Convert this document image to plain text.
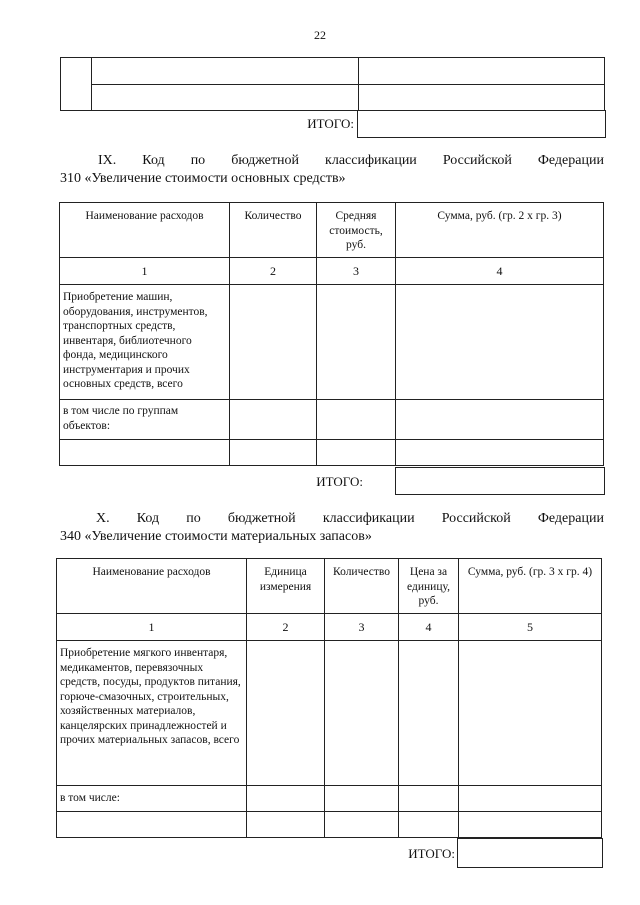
22

ИТОГО:
IX. Код по бюджетной классификации Российской Федерации
310 «Увеличение стоимости основных средств»
Наименование расходов	Количество	Средняя стоимость, руб.	Сумма, руб. (гр. 2 х гр. 3)
1	2	3	4
Приобретение машин, оборудования, инструментов, транспортных средств, инвентаря, библиотечного фонда, медицинского инструментария и прочих основных средств, всего			
в том числе по группам объектов:			

ИТОГО:
X. Код по бюджетной классификации Российской Федерации
340 «Увеличение стоимости материальных запасов»
Наименование расходов	Единица измерения	Количество	Цена за единицу, руб.	Сумма, руб. (гр. 3 х гр. 4)
1	2	3	4	5
Приобретение мягкого инвентаря, медикаментов, перевязочных средств, посуды, продуктов питания, горюче-смазочных, строительных, хозяйственных материалов, канцелярских принадлежностей и прочих материальных запасов, всего				
в том числе:				

ИТОГО:
